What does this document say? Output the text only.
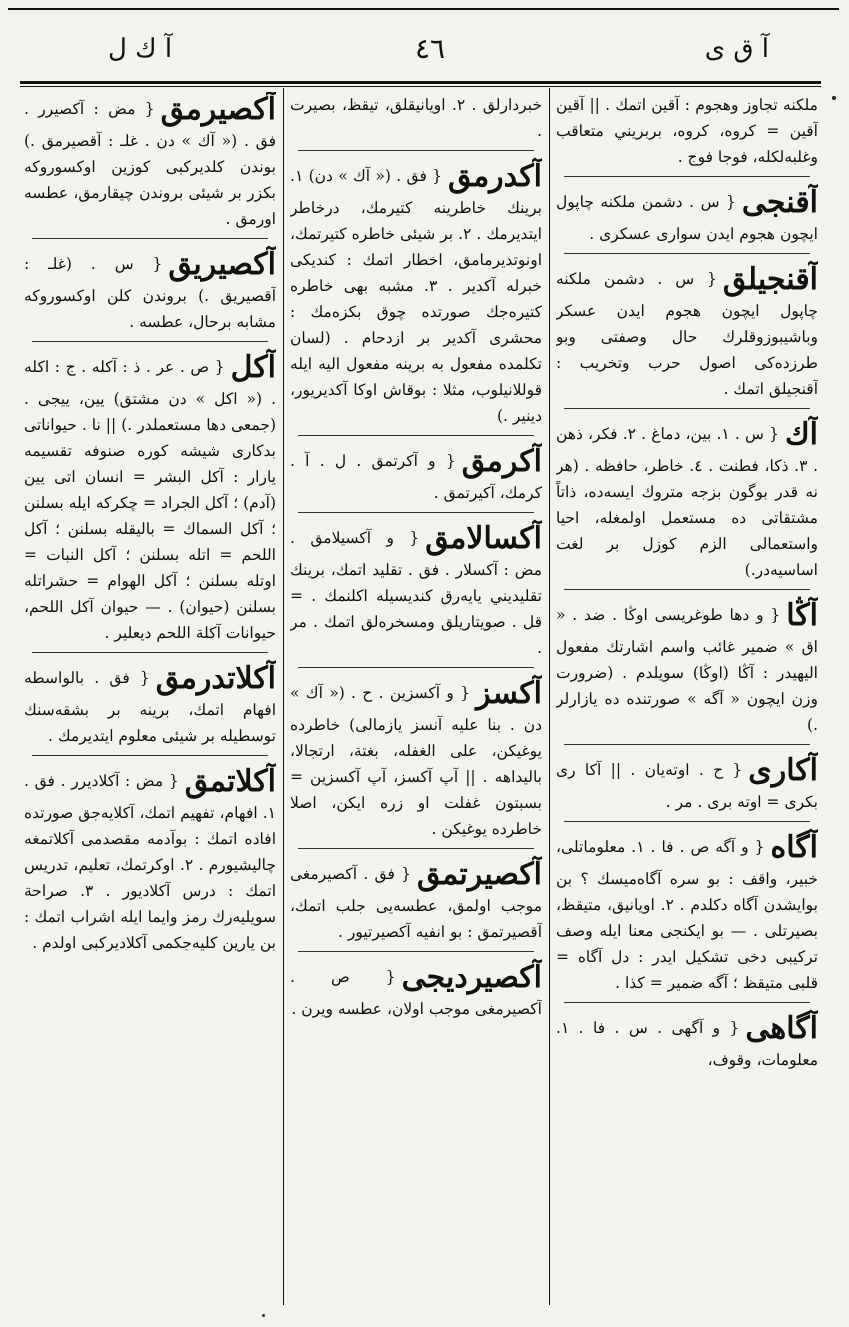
آ ك ل	٤٦	آ ق ى

ملكنه تجاوز وهجوم : آقين اتمك . || آقين آقين = كروه، كروه، بربريني متعاقب وغلبه‌لكله، فوجا فوج .

آقنجی{ س . دشمن ملكنه چاپول ايچون هجوم ايدن سوارى عسكرى .

آقنجيلق{ س . دشمن ملكنه چاپول ايچون هجوم ايدن عسكر وباشيبوزوقلرك حال وصفتى وبو طرزده‌كى اصول حرب وتخريب : آقنجيلق اتمك .

آك{ س . ١. بين، دماغ . ٢. فكر، ذهن . ٣. ذكا، فطنت . ٤. خاطر، حافظه . (هر نه قدر بوگون بزجه متروك ايسه‌ده، ذاتاً مشتقاتى ده مستعمل اولمغله، احيا واستعمالى الزم كوزل بر لغت اساسيه‌در.)

آڭا{ و دها طوغريسى اوڭا . ضد . « اق » ضمير غائب واسم اشارتك مفعول اليهيدر : آڭا (اوڭا) سويلدم . (ضرورت وزن ايچون « آگه » صورتنده ده يازارلر .)

آكارى{ ح . اوته‌يان . || آكا رى بكرى = اوته برى . مر .

آگاه{ و آگه ص . فا . ١. معلوماتلى، خبير، واقف : بو سره آگاه‌ميسك ؟ بن بوايشدن آگاه دكلدم . ٢. اويانيق، متيقظ، بصيرتلى . — بو ايكنجى معنا ايله وصف تركيبى دخى تشكيل ايدر : دل آگاه = قلبى متيقظ ؛ آگه ضمير = كذا .

آگاهى{ و آگهى . س . فا . ١. معلومات، وقوف،

خبردارلق . ٢. اويانيقلق، تيقظ، بصيرت .

آكدرمق{ فق . (« آك » دن) ١. برينك خاطرينه كتيرمك، درخاطر ايتديرمك . ٢. بر شيئى خاطره كتيرتمك، اونوتديرمامق، اخطار اتمك : كنديكى خبرله آكدير . ٣. مشبه بهى خاطره كتيره‌جك صورتده چوق بكزه‌مك : محشرى آكدير بر ازدحام . (لسان تكلمده مفعول به برينه مفعول اليه ايله قوللانيلوب، مثلا : بوقاش اوكا آكديريور، دينير .)

آكرمق{ و آكرتمق . ل . آ . كرمك، آكيرتمق .

آكسالامق{ و آكسيلامق . مض : آكسلار . فق . تقليد اتمك، برينك تقليديني يايه‌رق كنديسيله اكلنمك . = قل . صويتاريلق ومسخره‌لق اتمك . مر .

آكسز{ و آكسزين . ح . (« آك » دن . بنا عليه آنسز يازمالى) خاطرده يوغيكن، على الغفله، بغتة، ارتجالا، باليداهه . || آپ آكسز، آپ آكسزين = بسبتون غفلت او زره ايكن، اصلا خاطرده يوغيكن .

آكصيرتمق{ فق . آكصيرمغى موجب اولمق، عطسه‌يى جلب اتمك، آقصيرتمق : بو انفيه آكصيرتيور .

آكصيرديجى{ ص . آكصيرمغى موجب اولان، عطسه ويرن .

آكصيرمق{ مض : آكصيرر . فق . (« آك » دن . غلـ : آقصيرمق .) بوندن كلديركبى كوزين اوكسوروكه بكزر بر شيئى بروندن چيقارمق، عطسه اورمق .

آكصيريق{ س . (غلـ : آقصيريق .) بروندن كلن اوكسوروكه مشابه برحال، عطسه .

آكل{ ص . عر . ذ : آكله . ج : اكله . (« اكل » دن مشتق) يين، ييجى . (جمعى دها مستعملدر .) || نا . حيواناتى بدكارى شيشه كوره صنوفه تقسيمه يارار : آكل البشر = انسان اتى يين (آدم) ؛ آكل الجراد = چكركه ايله بسلنن ؛ آكل السماك = باليقله بسلنن ؛ آكل اللحم = اتله بسلنن ؛ آكل النبات = اوتله بسلنن ؛ آكل الهوام = حشراتله بسلنن (حيوان) . — حيوان آكل اللحم، حيوانات آكلة اللحم ديعلير .

آكلاتدرمق{ فق . بالواسطه افهام اتمك، برينه بر بشقه‌سنك توسطيله بر شيئى معلوم ايتديرمك .

آكلاتمق{ مض : آكلاديرر . فق . ١. افهام، تفهيم اتمك، آكلايه‌جق صورتده افاده اتمك : بوآدمه مقصدمى آكلاتمغه چاليشيورم . ٢. اوكرتمك، تعليم، تدريس اتمك : درس آكلاديور . ٣. صراحة سويليه‌رك رمز وايما ايله اشراب اتمك : بن يارين كليه‌جكمى آكلاديركبى اولدم .
